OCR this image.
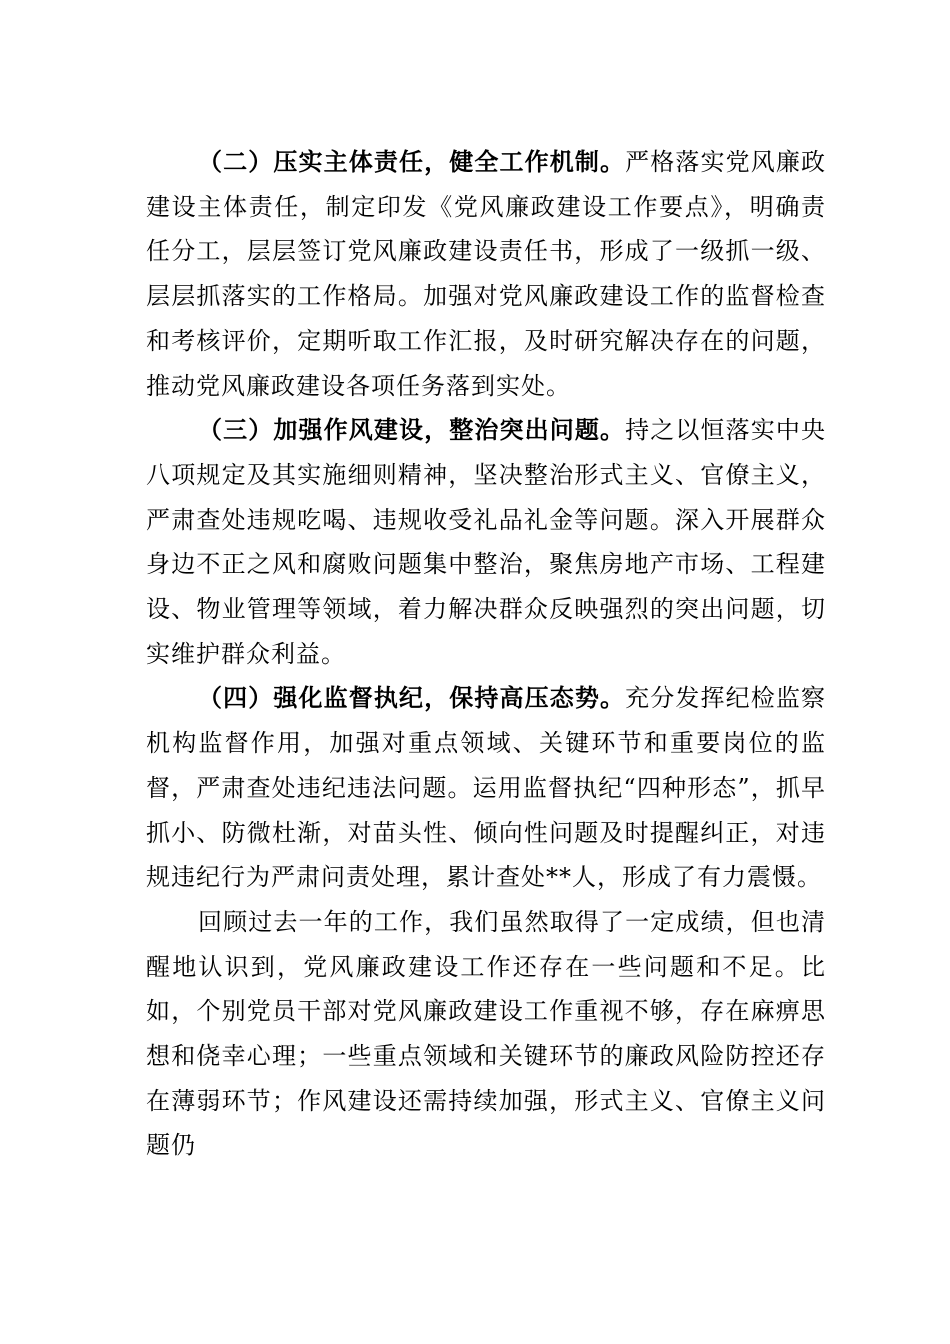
（二）压实主体责任，健全工作机制。严格落实党风廉政建设主体责任，制定印发《党风廉政建设工作要点》，明确责任分工，层层签订党风廉政建设责任书，形成了一级抓一级、层层抓落实的工作格局。加强对党风廉政建设工作的监督检查和考核评价，定期听取工作汇报，及时研究解决存在的问题，推动党风廉政建设各项任务落到实处。

（三）加强作风建设，整治突出问题。持之以恒落实中央八项规定及其实施细则精神，坚决整治形式主义、官僚主义，严肃查处违规吃喝、违规收受礼品礼金等问题。深入开展群众身边不正之风和腐败问题集中整治，聚焦房地产市场、工程建设、物业管理等领域，着力解决群众反映强烈的突出问题，切实维护群众利益。

（四）强化监督执纪，保持高压态势。充分发挥纪检监察机构监督作用，加强对重点领域、关键环节和重要岗位的监督，严肃查处违纪违法问题。运用监督执纪“四种形态”，抓早抓小、防微杜渐，对苗头性、倾向性问题及时提醒纠正，对违规违纪行为严肃问责处理，累计查处**人，形成了有力震慑。

回顾过去一年的工作，我们虽然取得了一定成绩，但也清醒地认识到，党风廉政建设工作还存在一些问题和不足。比如，个别党员干部对党风廉政建设工作重视不够，存在麻痹思想和侥幸心理；一些重点领域和关键环节的廉政风险防控还存在薄弱环节；作风建设还需持续加强，形式主义、官僚主义问题仍
